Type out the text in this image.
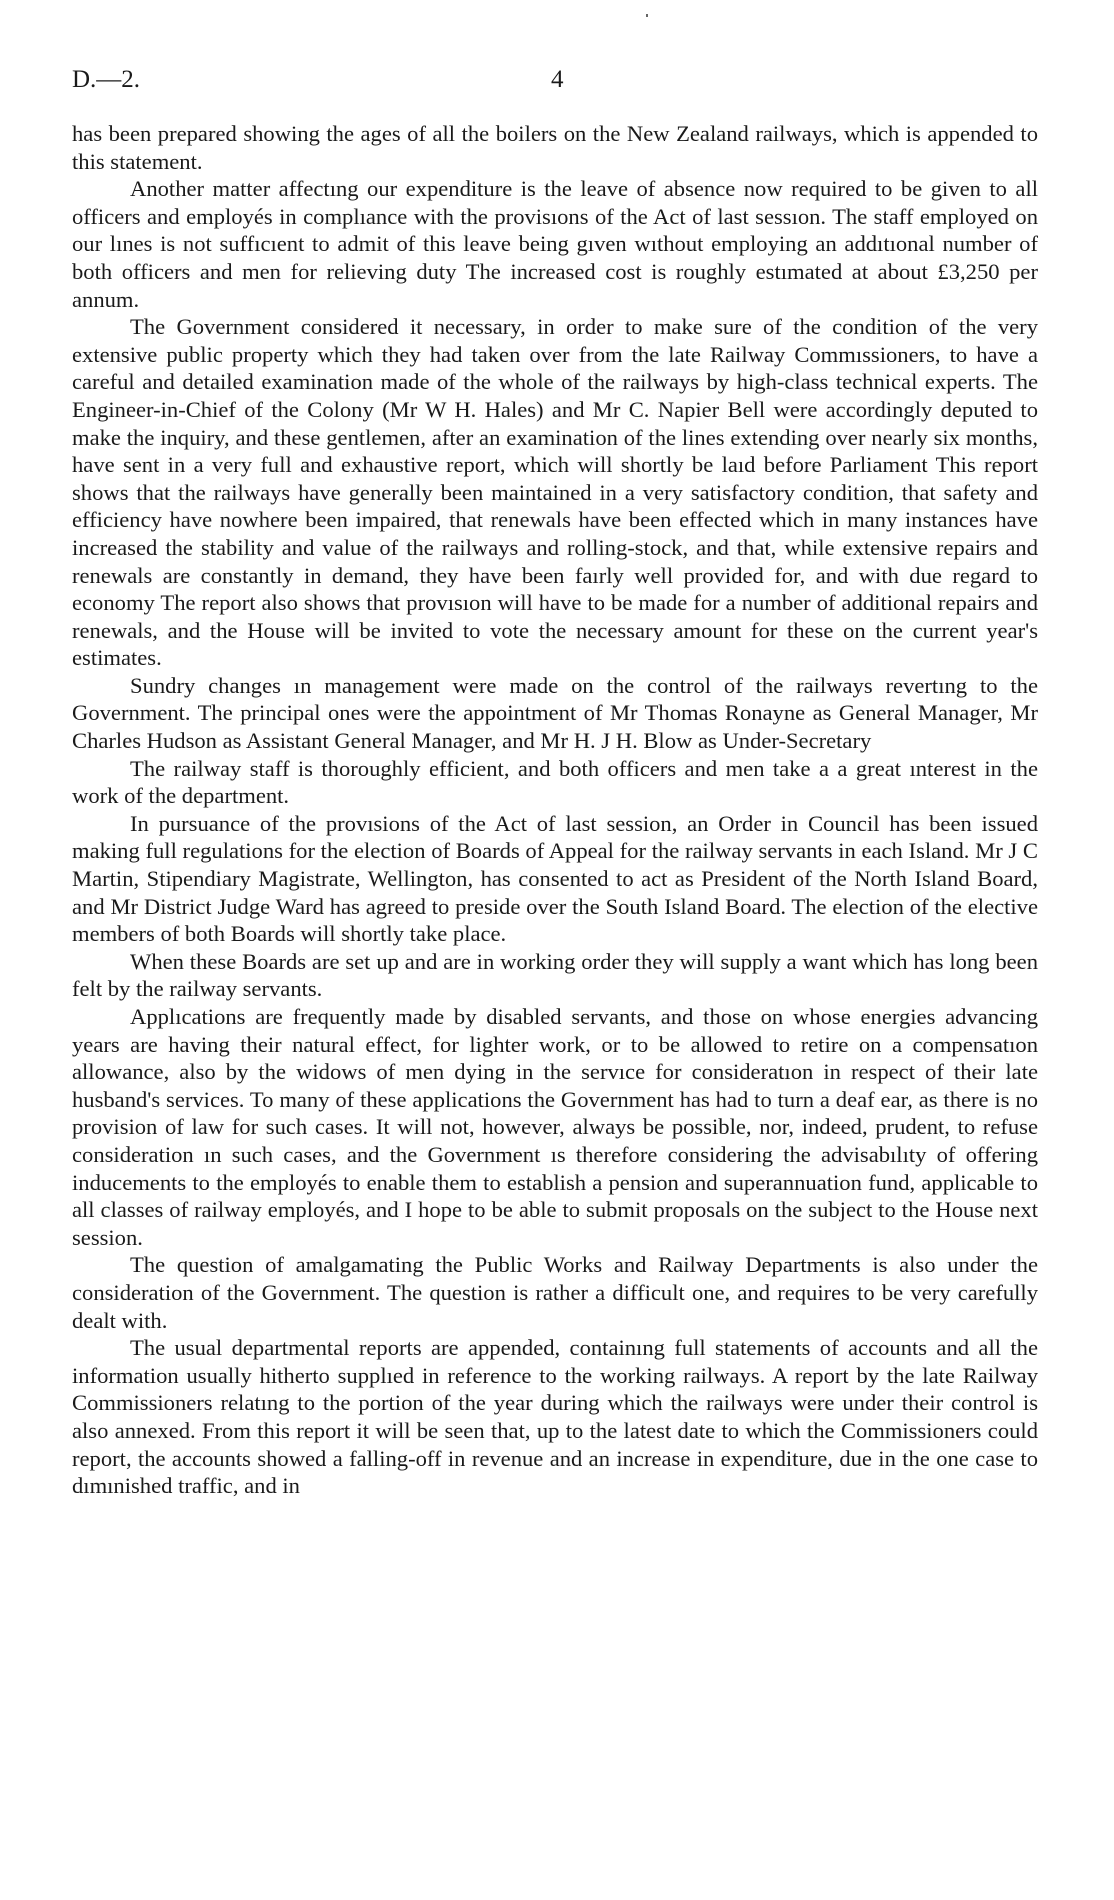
D.—2.	4

has been prepared showing the ages of all the boilers on the New Zealand railways, which is appended to this statement.

Another matter affectıng our expenditure is the leave of absence now required to be given to all officers and employés in complıance with the provisıons of the Act of last sessıon. The staff employed on our lınes is not suffıcıent to admit of this leave being gıven wıthout employing an addıtıonal number of both officers and men for relieving duty The increased cost is roughly estımated at about £3,250 per annum.

The Government considered it necessary, in order to make sure of the condition of the very extensive public property which they had taken over from the late Railway Commıssioners, to have a careful and detailed examination made of the whole of the railways by high-class technical experts. The Engineer-in-Chief of the Colony (Mr W H. Hales) and Mr C. Napier Bell were accordingly deputed to make the inquiry, and these gentlemen, after an examination of the lines extending over nearly six months, have sent in a very full and exhaustive report, which will shortly be laıd before Parliament This report shows that the railways have generally been maintained in a very satisfactory condition, that safety and efficiency have nowhere been impaired, that renewals have been effected which in many instances have increased the stability and value of the railways and rolling-stock, and that, while extensive repairs and renewals are constantly in demand, they have been faırly well provided for, and with due regard to economy The report also shows that provısıon will have to be made for a number of additional repairs and renewals, and the House will be invited to vote the necessary amount for these on the current year's estimates.

Sundry changes ın management were made on the control of the railways revertıng to the Government. The principal ones were the appointment of Mr Thomas Ronayne as General Manager, Mr Charles Hudson as Assistant General Manager, and Mr H. J H. Blow as Under-Secretary

The railway staff is thoroughly efficient, and both officers and men take a a great ınterest in the work of the department.

In pursuance of the provısions of the Act of last session, an Order in Council has been issued making full regulations for the election of Boards of Appeal for the railway servants in each Island. Mr J C Martin, Stipendiary Magistrate, Wellington, has consented to act as President of the North Island Board, and Mr District Judge Ward has agreed to preside over the South Island Board. The election of the elective members of both Boards will shortly take place.

When these Boards are set up and are in working order they will supply a want which has long been felt by the railway servants.

Applıcations are frequently made by disabled servants, and those on whose energies advancing years are having their natural effect, for lighter work, or to be allowed to retire on a compensatıon allowance, also by the widows of men dying in the servıce for consideratıon in respect of their late husband's services. To many of these applications the Government has had to turn a deaf ear, as there is no provision of law for such cases. It will not, however, always be possible, nor, indeed, prudent, to refuse consideration ın such cases, and the Government ıs therefore considering the advisabılıty of offering inducements to the employés to enable them to establish a pension and superannuation fund, applicable to all classes of railway employés, and I hope to be able to submit proposals on the subject to the House next session.

The question of amalgamating the Public Works and Railway Departments is also under the consideration of the Government. The question is rather a difficult one, and requires to be very carefully dealt with.

The usual departmental reports are appended, containıng full statements of accounts and all the information usually hitherto supplıed in reference to the working railways. A report by the late Railway Commissioners relatıng to the portion of the year during which the railways were under their control is also annexed. From this report it will be seen that, up to the latest date to which the Commissioners could report, the accounts showed a falling-off in revenue and an increase in expenditure, due in the one case to dımınished traffic, and in
